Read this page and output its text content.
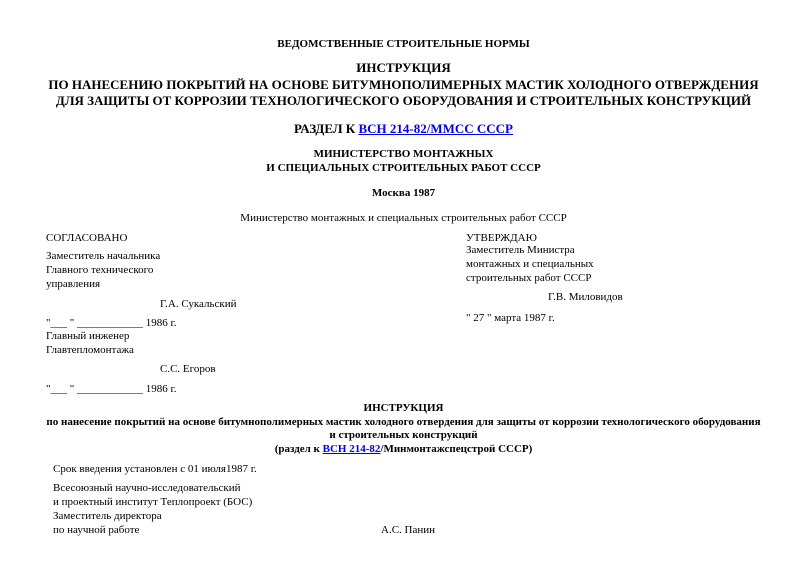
ВЕДОМСТВЕННЫЕ СТРОИТЕЛЬНЫЕ НОРМЫ
ИНСТРУКЦИЯ
ПО НАНЕСЕНИЮ ПОКРЫТИЙ НА ОСНОВЕ БИТУМНОПОЛИМЕРНЫХ МАСТИК ХОЛОДНОГО ОТВЕРЖДЕНИЯ
ДЛЯ ЗАЩИТЫ ОТ КОРРОЗИИ ТЕХНОЛОГИЧЕСКОГО ОБОРУДОВАНИЯ И СТРОИТЕЛЬНЫХ КОНСТРУКЦИЙ
РАЗДЕЛ К ВСН 214-82/ММСС СССР
МИНИСТЕРСТВО МОНТАЖНЫХ
И СПЕЦИАЛЬНЫХ СТРОИТЕЛЬНЫХ РАБОТ СССР
Москва 1987
Министерство монтажных и специальных строительных работ СССР
СОГЛАСОВАНО
Заместитель начальника
Главного технического
управления
Г.А. Сукальский
"___ " ____________ 1986 г.
Главный инженер
Главтепломонтажа
С.С. Егоров
"___ " ____________ 1986 г.
УТВЕРЖДАЮ
Заместитель Министра
монтажных и специальных
строительных работ СССР
Г.В. Миловидов
" 27 " марта 1987 г.
ИНСТРУКЦИЯ
по нанесение покрытий на основе битумнополимерных мастик холодного отвердения для защиты от коррозии технологического оборудования
и строительных конструкций
(раздел к ВСН 214-82/Минмонтажспецстрой СССР)
Срок введения установлен с 01 июля1987 г.
Всесоюзный научно-исследовательский
и проектный институт Теплопроект (БОС)
Заместитель директора
по научной работе	А.С. Панин
